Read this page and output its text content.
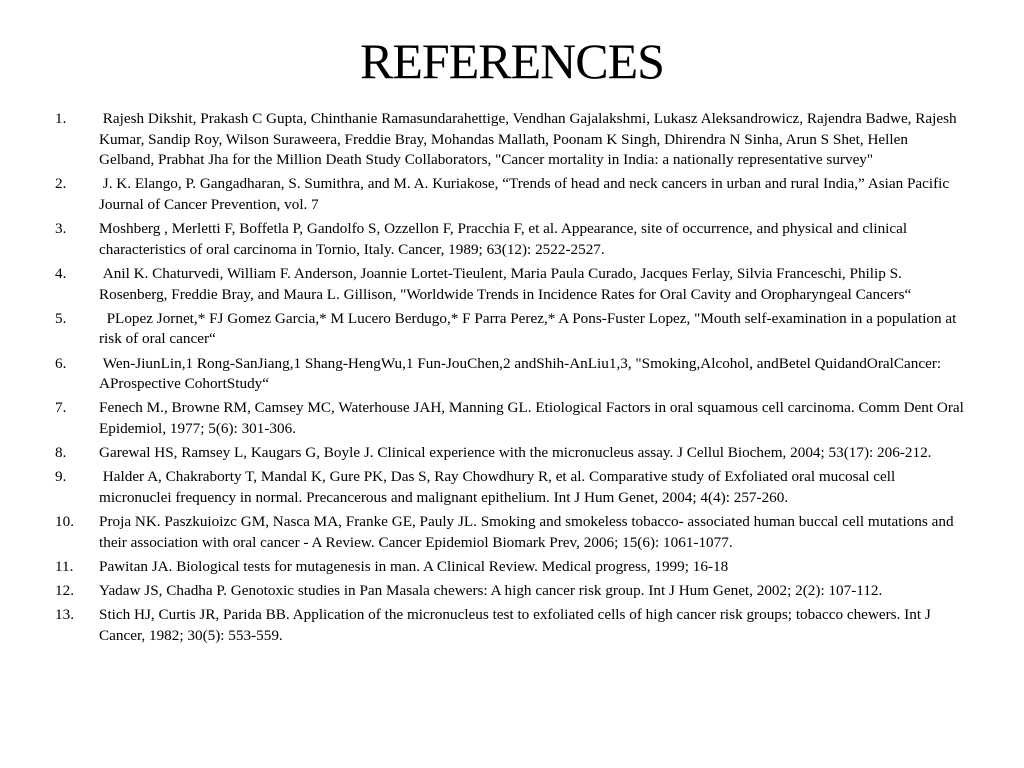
REFERENCES
1.	Rajesh Dikshit, Prakash C Gupta, Chinthanie Ramasundarahettige, Vendhan Gajalakshmi, Lukasz Aleksandrowicz, Rajendra Badwe, Rajesh Kumar, Sandip Roy, Wilson Suraweera, Freddie Bray, Mohandas Mallath, Poonam K Singh, Dhirendra N Sinha, Arun S Shet, Hellen Gelband, Prabhat Jha for the Million Death Study Collaborators, "Cancer mortality in India: a nationally representative survey"
2.	J. K. Elango, P. Gangadharan, S. Sumithra, and M. A. Kuriakose, “Trends of head and neck cancers in urban and rural India,” Asian Pacific Journal of Cancer Prevention, vol. 7
3.	Moshberg , Merletti F, Boffetla P, Gandolfo S, Ozzellon F, Pracchia F, et al. Appearance, site of occurrence, and physical and clinical characteristics of oral carcinoma in Tornio, Italy. Cancer, 1989; 63(12): 2522-2527.
4.	Anil K. Chaturvedi, William F. Anderson, Joannie Lortet-Tieulent, Maria Paula Curado, Jacques Ferlay, Silvia Franceschi, Philip S. Rosenberg, Freddie Bray, and Maura L. Gillison, "Worldwide Trends in Incidence Rates for Oral Cavity and Oropharyngeal Cancers“
5.	PLopez Jornet,* FJ Gomez Garcia,* M Lucero Berdugo,* F Parra Perez,* A Pons-Fuster Lopez, "Mouth self-examination in a population at risk of oral cancer“
6.	Wen-JiunLin,1 Rong-SanJiang,1 Shang-HengWu,1 Fun-JouChen,2 andShih-AnLiu1,3, "Smoking,Alcohol, andBetel QuidandOralCancer: AProspective CohortStudy“
7.	Fenech M., Browne RM, Camsey MC, Waterhouse JAH, Manning GL. Etiological Factors in oral squamous cell carcinoma. Comm Dent Oral Epidemiol, 1977; 5(6): 301-306.
8.	Garewal HS, Ramsey L, Kaugars G, Boyle J. Clinical experience with the micronucleus assay. J Cellul Biochem, 2004; 53(17): 206-212.
9.	Halder A, Chakraborty T, Mandal K, Gure PK, Das S, Ray Chowdhury R, et al. Comparative study of Exfoliated oral mucosal cell micronuclei frequency in normal. Precancerous and malignant epithelium. Int J Hum Genet, 2004; 4(4): 257-260.
10.	Proja NK. Paszkuioizc GM, Nasca MA, Franke GE, Pauly JL. Smoking and smokeless tobacco- associated human buccal cell mutations and their association with oral cancer - A Review. Cancer Epidemiol Biomark Prev, 2006; 15(6): 1061-1077.
11.	Pawitan JA. Biological tests for mutagenesis in man. A Clinical Review. Medical progress, 1999; 16-18
12.	Yadaw JS, Chadha P. Genotoxic studies in Pan Masala chewers: A high cancer risk group. Int J Hum Genet, 2002; 2(2): 107-112.
13.	Stich HJ, Curtis JR, Parida BB. Application of the micronucleus test to exfoliated cells of high cancer risk groups; tobacco chewers. Int J Cancer, 1982; 30(5): 553-559.
